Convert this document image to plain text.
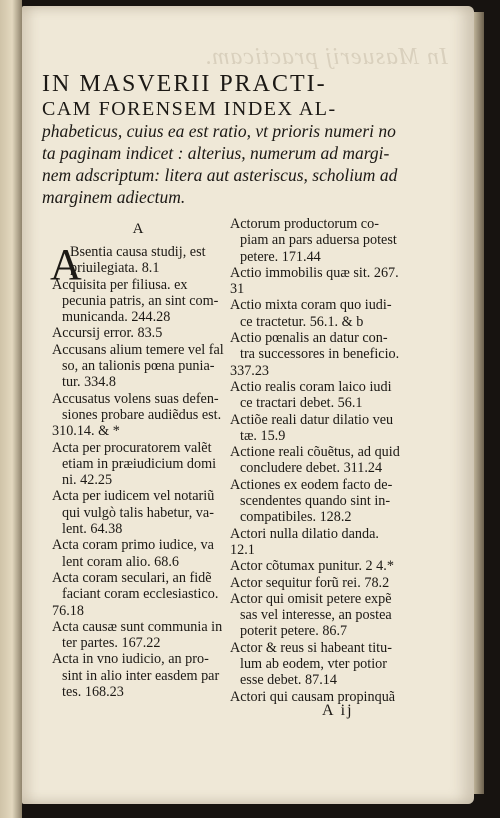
In Masuerij practicam.

IN MASVERII PRACTI-

CAM FORENSEM INDEX AL-

phabeticus, cuius ea est ratio, vt prioris numeri no

ta paginam indicet : alterius, numerum ad margi-

nem adscriptum: litera aut asteriscus, scholium ad

marginem adiectum.

A
A
Bsentia causa studij, est
priuilegiata. 8.1
Acquisita per filiusa. ex
pecunia patris, an sint com-
municanda. 244.28
Accursij error. 83.5
Accusans alium temere vel fal
so, an talionis pœna punia-
tur. 334.8
Accusatus volens suas defen-
siones probare audiẽdus est.
310.14. & *
Acta per procuratorem valẽt
etiam in præiudicium domi
ni. 42.25
Acta per iudicem vel notariũ
qui vulgò talis habetur, va-
lent. 64.38
Acta coram primo iudice, va
lent coram alio. 68.6
Acta coram seculari, an fidẽ
faciant coram ecclesiastico.
76.18
Acta causæ sunt communia in
ter partes. 167.22
Acta in vno iudicio, an pro-
sint in alio inter easdem par
tes. 168.23
Actorum productorum co-
piam an pars aduersa potest
petere. 171.44
Actio immobilis quæ sit. 267.
31
Actio mixta coram quo iudi-
ce tractetur. 56.1. & b
Actio pœnalis an datur con-
tra successores in beneficio.
337.23
Actio realis coram laico iudi
ce tractari debet. 56.1
Actiõe reali datur dilatio veu
tæ. 15.9
Actione reali cõuẽtus, ad quid
concludere debet. 311.24
Actiones ex eodem facto de-
scendentes quando sint in-
compatibiles. 128.2
Actori nulla dilatio danda.
12.1
Actor cõtumax punitur. 2 4.*
Actor sequitur forũ rei. 78.2
Actor qui omisit petere expẽ
sas vel interesse, an postea
poterit petere. 86.7
Actor & reus si habeant titu-
lum ab eodem, vter potior
esse debet. 87.14
Actori qui causam propinquã
A ij
